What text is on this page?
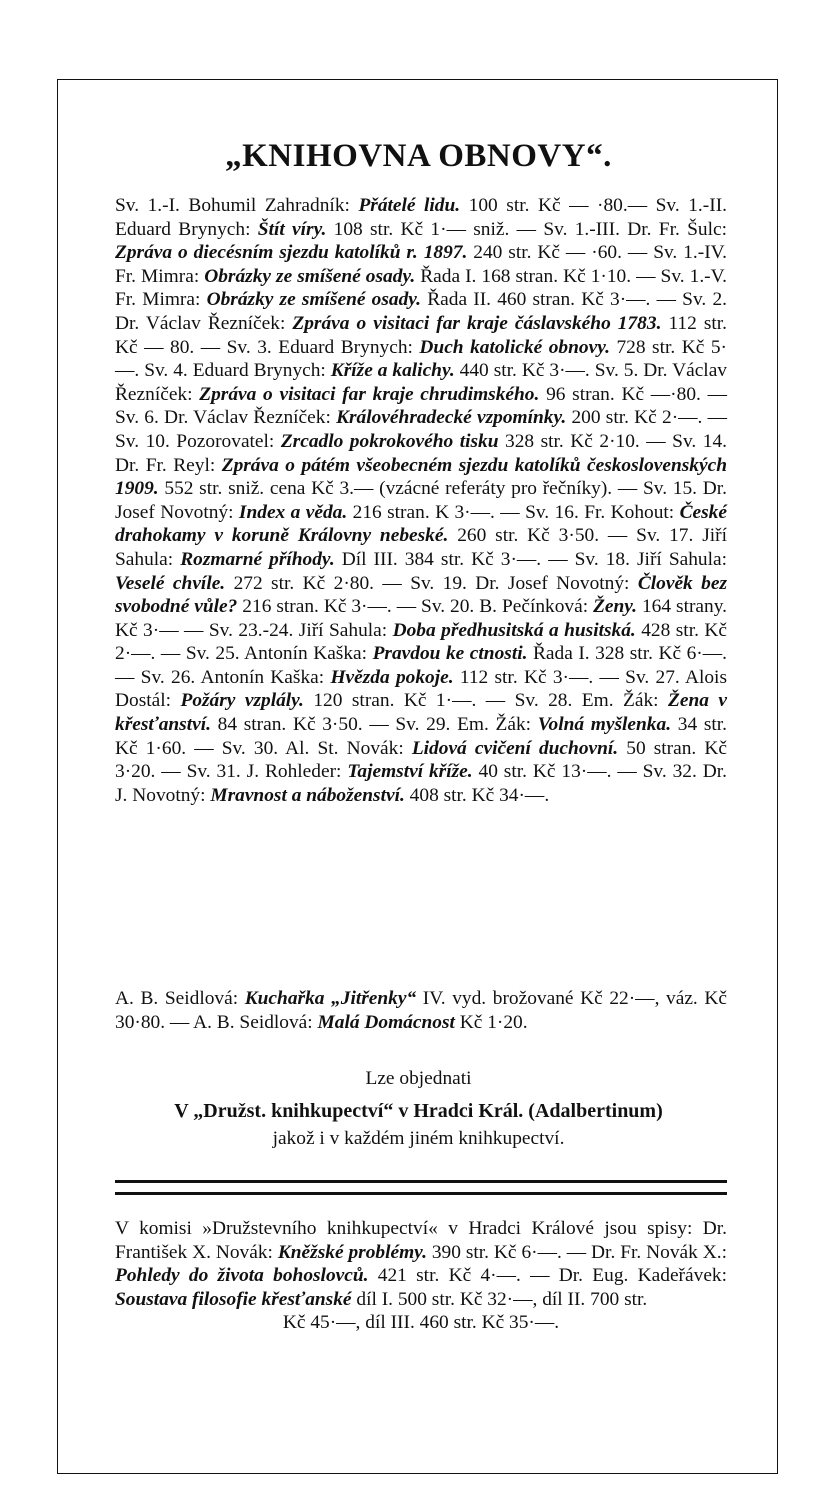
„KNIHOVNA OBNOVY“.
Sv. 1.-I. Bohumil Zahradník: Přátelé lidu. 100 str. Kč — ·80.— Sv. 1.-II. Eduard Brynych: Štít víry. 108 str. Kč 1·— sniž. — Sv. 1.-III. Dr. Fr. Šulc: Zpráva o diecésním sjezdu katolíků r. 1897. 240 str. Kč — ·60. — Sv. 1.-IV. Fr. Mimra: Obrázky ze smíšené osady. Řada I. 168 stran. Kč 1·10. — Sv. 1.-V. Fr. Mimra: Obrázky ze smíšené osady. Řada II. 460 stran. Kč 3·—. — Sv. 2. Dr. Václav Řezníček: Zpráva o visitaci far kraje čáslavského 1783. 112 str. Kč — 80. — Sv. 3. Eduard Brynych: Duch katolické obnovy. 728 str. Kč 5·—. Sv. 4. Eduard Brynych: Kříže a kalichy. 440 str. Kč 3·—. Sv. 5. Dr. Václav Řezníček: Zpráva o visitaci far kraje chrudimského. 96 stran. Kč —·80. — Sv. 6. Dr. Václav Řezníček: Královéhradecké vzpomínky. 200 str. Kč 2·—. — Sv. 10. Pozorovatel: Zrcadlo pokrokového tisku 328 str. Kč 2·10. — Sv. 14. Dr. Fr. Reyl: Zpráva o pátém všeobecném sjezdu katolíků československých 1909. 552 str. sniž. cena Kč 3.— (vzácné referáty pro řečníky). — Sv. 15. Dr. Josef Novotný: Index a věda. 216 stran. K 3·—. — Sv. 16. Fr. Kohout: České drahokamy v koruně Královny nebeské. 260 str. Kč 3·50. — Sv. 17. Jiří Sahula: Rozmarné příhody. Díl III. 384 str. Kč 3·—. — Sv. 18. Jiří Sahula: Veselé chvíle. 272 str. Kč 2·80. — Sv. 19. Dr. Josef Novotný: Člověk bez svobodné vůle? 216 stran. Kč 3·—. — Sv. 20. B. Pečínková: Ženy. 164 strany. Kč 3·— — Sv. 23.-24. Jiří Sahula: Doba předhusitská a husitská. 428 str. Kč 2·—. — Sv. 25. Antonín Kaška: Pravdou ke ctnosti. Řada I. 328 str. Kč 6·—. — Sv. 26. Antonín Kaška: Hvězda pokoje. 112 str. Kč 3·—. — Sv. 27. Alois Dostál: Požáry vzplály. 120 stran. Kč 1·—. — Sv. 28. Em. Žák: Žena v křesťanství. 84 stran. Kč 3·50. — Sv. 29. Em. Žák: Volná myšlenka. 34 str. Kč 1·60. — Sv. 30. Al. St. Novák: Lidová cvičení duchovní. 50 stran. Kč 3·20. — Sv. 31. J. Rohleder: Tajemství kříže. 40 str. Kč 13·—. — Sv. 32. Dr. J. Novotný: Mravnost a náboženství. 408 str. Kč 34·—.
A. B. Seidlová: Kuchařka „Jitřenky“ IV. vyd. brožované Kč 22·—, váz. Kč 30·80. — A. B. Seidlová: Malá Domácnost Kč 1·20.
Lze objednati
V „Družst. knihkupectví“ v Hradci Král. (Adalbertinum)
jakož i v každém jiném knihkupectví.
V komisi »Družstevního knihkupectví« v Hradci Králové jsou spisy: Dr. František X. Novák: Kněžské problémy. 390 str. Kč 6·—. — Dr. Fr. Novák X.: Pohledy do života bohoslovců. 421 str. Kč 4·—. — Dr. Eug. Kadeřávek: Soustava filosofie křesťanské díl I. 500 str. Kč 32·—, díl II. 700 str.
Kč 45·—, díl III. 460 str. Kč 35·—.
